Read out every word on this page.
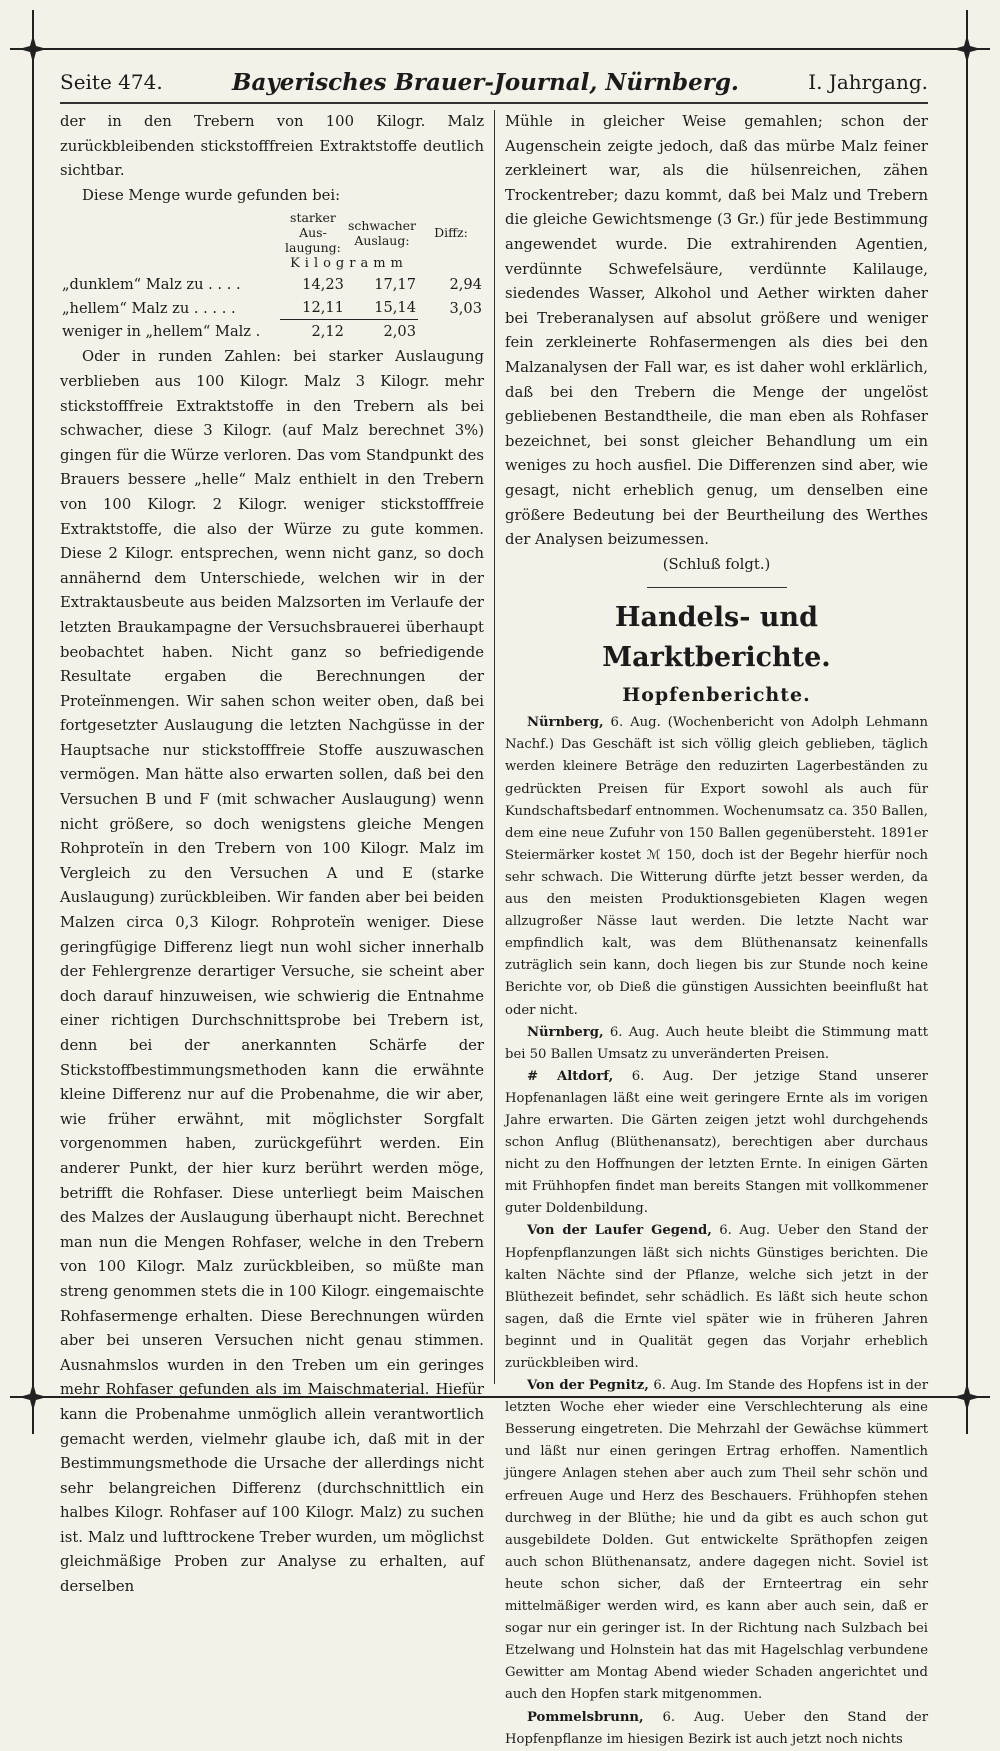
Seite 474.	Bayerisches Brauer-Journal, Nürnberg.	I. Jahrgang.

der in den Trebern von 100 Kilogr. Malz zurückbleibenden stickstofffreien Extraktstoffe deutlich sichtbar.

Diese Menge wurde gefunden bei:

	starker Aus- laugung:	schwacher Auslaug:	Diffz:
	Kilogramm		
„dunklem“ Malz zu . . . .	14,23	17,17	2,94
„hellem“ Malz zu . . . . .	12,11	15,14	3,03
weniger in „hellem“ Malz .	2,12	2,03	

Oder in runden Zahlen: bei starker Auslaugung verblieben aus 100 Kilogr. Malz 3 Kilogr. mehr stickstofffreie Extraktstoffe in den Trebern als bei schwacher, diese 3 Kilogr. (auf Malz berechnet 3%) gingen für die Würze verloren. Das vom Standpunkt des Brauers bessere „helle“ Malz enthielt in den Trebern von 100 Kilogr. 2 Kilogr. weniger stickstofffreie Extraktstoffe, die also der Würze zu gute kommen. Diese 2 Kilogr. entsprechen, wenn nicht ganz, so doch annähernd dem Unterschiede, welchen wir in der Extraktausbeute aus beiden Malzsorten im Verlaufe der letzten Braukampagne der Versuchsbrauerei überhaupt beobachtet haben. Nicht ganz so befriedigende Resultate ergaben die Berechnungen der Proteïnmengen. Wir sahen schon weiter oben, daß bei fortgesetzter Auslaugung die letzten Nachgüsse in der Hauptsache nur stickstofffreie Stoffe auszuwaschen vermögen. Man hätte also erwarten sollen, daß bei den Versuchen B und F (mit schwacher Auslaugung) wenn nicht größere, so doch wenigstens gleiche Mengen Rohproteïn in den Trebern von 100 Kilogr. Malz im Vergleich zu den Versuchen A und E (starke Auslaugung) zurückbleiben. Wir fanden aber bei beiden Malzen circa 0,3 Kilogr. Rohproteïn weniger. Diese geringfügige Differenz liegt nun wohl sicher innerhalb der Fehlergrenze derartiger Versuche, sie scheint aber doch darauf hinzuweisen, wie schwierig die Entnahme einer richtigen Durchschnittsprobe bei Trebern ist, denn bei der anerkannten Schärfe der Stickstoffbestimmungsmethoden kann die erwähnte kleine Differenz nur auf die Probenahme, die wir aber, wie früher erwähnt, mit möglichster Sorgfalt vorgenommen haben, zurückgeführt werden. Ein anderer Punkt, der hier kurz berührt werden möge, betrifft die Rohfaser. Diese unterliegt beim Maischen des Malzes der Auslaugung überhaupt nicht. Berechnet man nun die Mengen Rohfaser, welche in den Trebern von 100 Kilogr. Malz zurückbleiben, so müßte man streng genommen stets die in 100 Kilogr. eingemaischte Rohfasermenge erhalten. Diese Berechnungen würden aber bei unseren Versuchen nicht genau stimmen. Ausnahmslos wurden in den Treben um ein geringes mehr Rohfaser gefunden als im Maischmaterial. Hiefür kann die Probenahme unmöglich allein verantwortlich gemacht werden, vielmehr glaube ich, daß mit in der Bestimmungsmethode die Ursache der allerdings nicht sehr belangreichen Differenz (durchschnittlich ein halbes Kilogr. Rohfaser auf 100 Kilogr. Malz) zu suchen ist. Malz und lufttrockene Treber wurden, um möglichst gleichmäßige Proben zur Analyse zu erhalten, auf derselben

Mühle in gleicher Weise gemahlen; schon der Augenschein zeigte jedoch, daß das mürbe Malz feiner zerkleinert war, als die hülsenreichen, zähen Trockentreber; dazu kommt, daß bei Malz und Trebern die gleiche Gewichtsmenge (3 Gr.) für jede Bestimmung angewendet wurde. Die extrahirenden Agentien, verdünnte Schwefelsäure, verdünnte Kalilauge, siedendes Wasser, Alkohol und Aether wirkten daher bei Treberanalysen auf absolut größere und weniger fein zerkleinerte Rohfasermengen als dies bei den Malzanalysen der Fall war, es ist daher wohl erklärlich, daß bei den Trebern die Menge der ungelöst gebliebenen Bestandtheile, die man eben als Rohfaser bezeichnet, bei sonst gleicher Behandlung um ein weniges zu hoch ausfiel. Die Differenzen sind aber, wie gesagt, nicht erheblich genug, um denselben eine größere Bedeutung bei der Beurtheilung des Werthes der Analysen beizumessen.

(Schluß folgt.)

Handels- und Marktberichte.
Hopfenberichte.

Nürnberg, 6. Aug. (Wochenbericht von Adolph Lehmann Nachf.) Das Geschäft ist sich völlig gleich geblieben, täglich werden kleinere Beträge den reduzirten Lagerbeständen zu gedrückten Preisen für Export sowohl als auch für Kundschaftsbedarf entnommen. Wochenumsatz ca. 350 Ballen, dem eine neue Zufuhr von 150 Ballen gegenübersteht. 1891er Steiermärker kostet ℳ 150, doch ist der Begehr hierfür noch sehr schwach. Die Witterung dürfte jetzt besser werden, da aus den meisten Produktionsgebieten Klagen wegen allzugroßer Nässe laut werden. Die letzte Nacht war empfindlich kalt, was dem Blüthenansatz keinenfalls zuträglich sein kann, doch liegen bis zur Stunde noch keine Berichte vor, ob Dieß die günstigen Aussichten beeinflußt hat oder nicht.

Nürnberg, 6. Aug. Auch heute bleibt die Stimmung matt bei 50 Ballen Umsatz zu unveränderten Preisen.

# Altdorf, 6. Aug. Der jetzige Stand unserer Hopfenanlagen läßt eine weit geringere Ernte als im vorigen Jahre erwarten. Die Gärten zeigen jetzt wohl durchgehends schon Anflug (Blüthenansatz), berechtigen aber durchaus nicht zu den Hoffnungen der letzten Ernte. In einigen Gärten mit Frühhopfen findet man bereits Stangen mit vollkommener guter Doldenbildung.

Von der Laufer Gegend, 6. Aug. Ueber den Stand der Hopfenpflanzungen läßt sich nichts Günstiges berichten. Die kalten Nächte sind der Pflanze, welche sich jetzt in der Blüthezeit befindet, sehr schädlich. Es läßt sich heute schon sagen, daß die Ernte viel später wie in früheren Jahren beginnt und in Qualität gegen das Vorjahr erheblich zurückbleiben wird.

Von der Pegnitz, 6. Aug. Im Stande des Hopfens ist in der letzten Woche eher wieder eine Verschlechterung als eine Besserung eingetreten. Die Mehrzahl der Gewächse kümmert und läßt nur einen geringen Ertrag erhoffen. Namentlich jüngere Anlagen stehen aber auch zum Theil sehr schön und erfreuen Auge und Herz des Beschauers. Frühhopfen stehen durchweg in der Blüthe; hie und da gibt es auch schon gut ausgebildete Dolden. Gut entwickelte Spräthopfen zeigen auch schon Blüthenansatz, andere dagegen nicht. Soviel ist heute schon sicher, daß der Ernteertrag ein sehr mittelmäßiger werden wird, es kann aber auch sein, daß er sogar nur ein geringer ist. In der Richtung nach Sulzbach bei Etzelwang und Holnstein hat das mit Hagelschlag verbundene Gewitter am Montag Abend wieder Schaden angerichtet und auch den Hopfen stark mitgenommen.

Pommelsbrunn, 6. Aug. Ueber den Stand der Hopfenpflanze im hiesigen Bezirk ist auch jetzt noch nichts
